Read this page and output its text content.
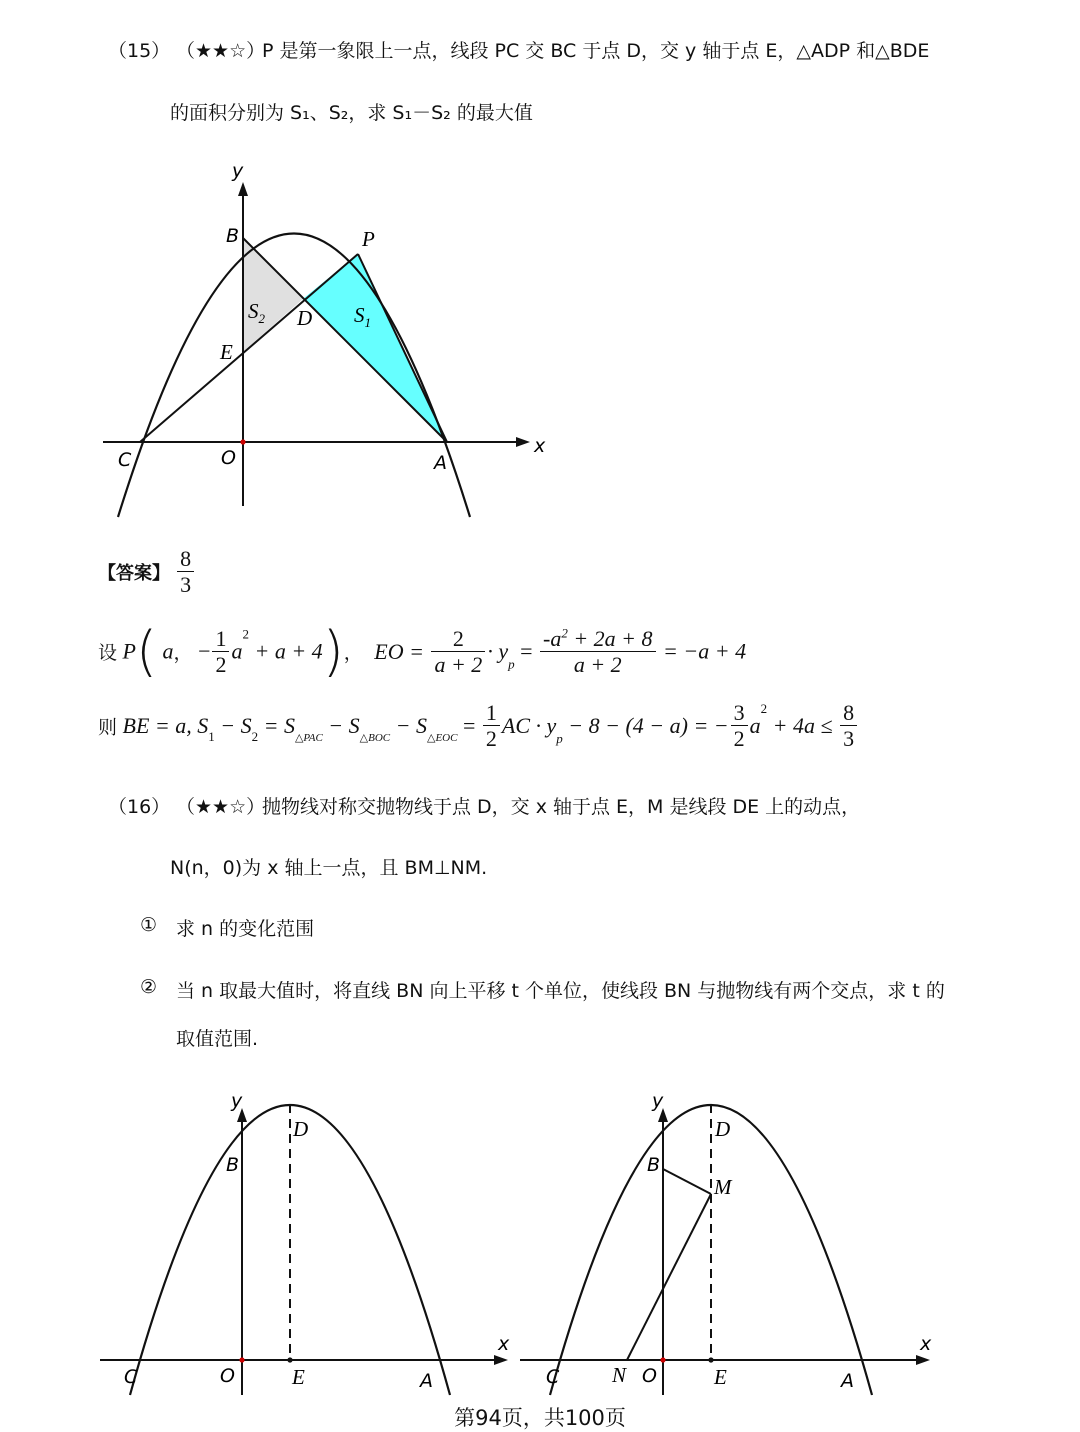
（15） （★★☆）
P 是第一象限上一点，线段 PC 交 BC 于点 D，交 y 轴于点 E，△ADP 和△BDE
的面积分别为 S₁、S₂，求 S₁－S₂ 的最大值
y
x
B	P
D
E
$S_2$	$S_1$
C	O	A
【答案】 $\frac{8}{3}$
设 P( a， − $\frac{1}{2} a^2 + a + 4$)， EO = $\frac{2}{a + 2} \cdot y_p = \frac{-a^2 + 2a + 8}{a + 2} = -a + 4$
则 BE = a, $S_1 - S_2 = S_{\triangle PAC} - S_{\triangle BOC} - S_{\triangle EOC} = \frac{1}{2}$ AC · $y_p - 8 - (4 - a)$ = − $\frac{3}{2} a^2 + 4a \le \frac{8}{3}$
（16） （★★☆）
抛物线对称交抛物线于点 D，交 x 轴于点 E，M 是线段 DE 上的动点，
N(n，0)为 x 轴上一点，且 BM⊥NM.
① 求 n 的变化范围
② 当 n 取最大值时，将直线 BN 向上平移 t 个单位，使线段 BN 与抛物线有两个交点，求 t 的
取值范围.
y
x
D
B
C	O	E	A
y
x
D
B
M
C	N O	E	A
第94页，共100页
